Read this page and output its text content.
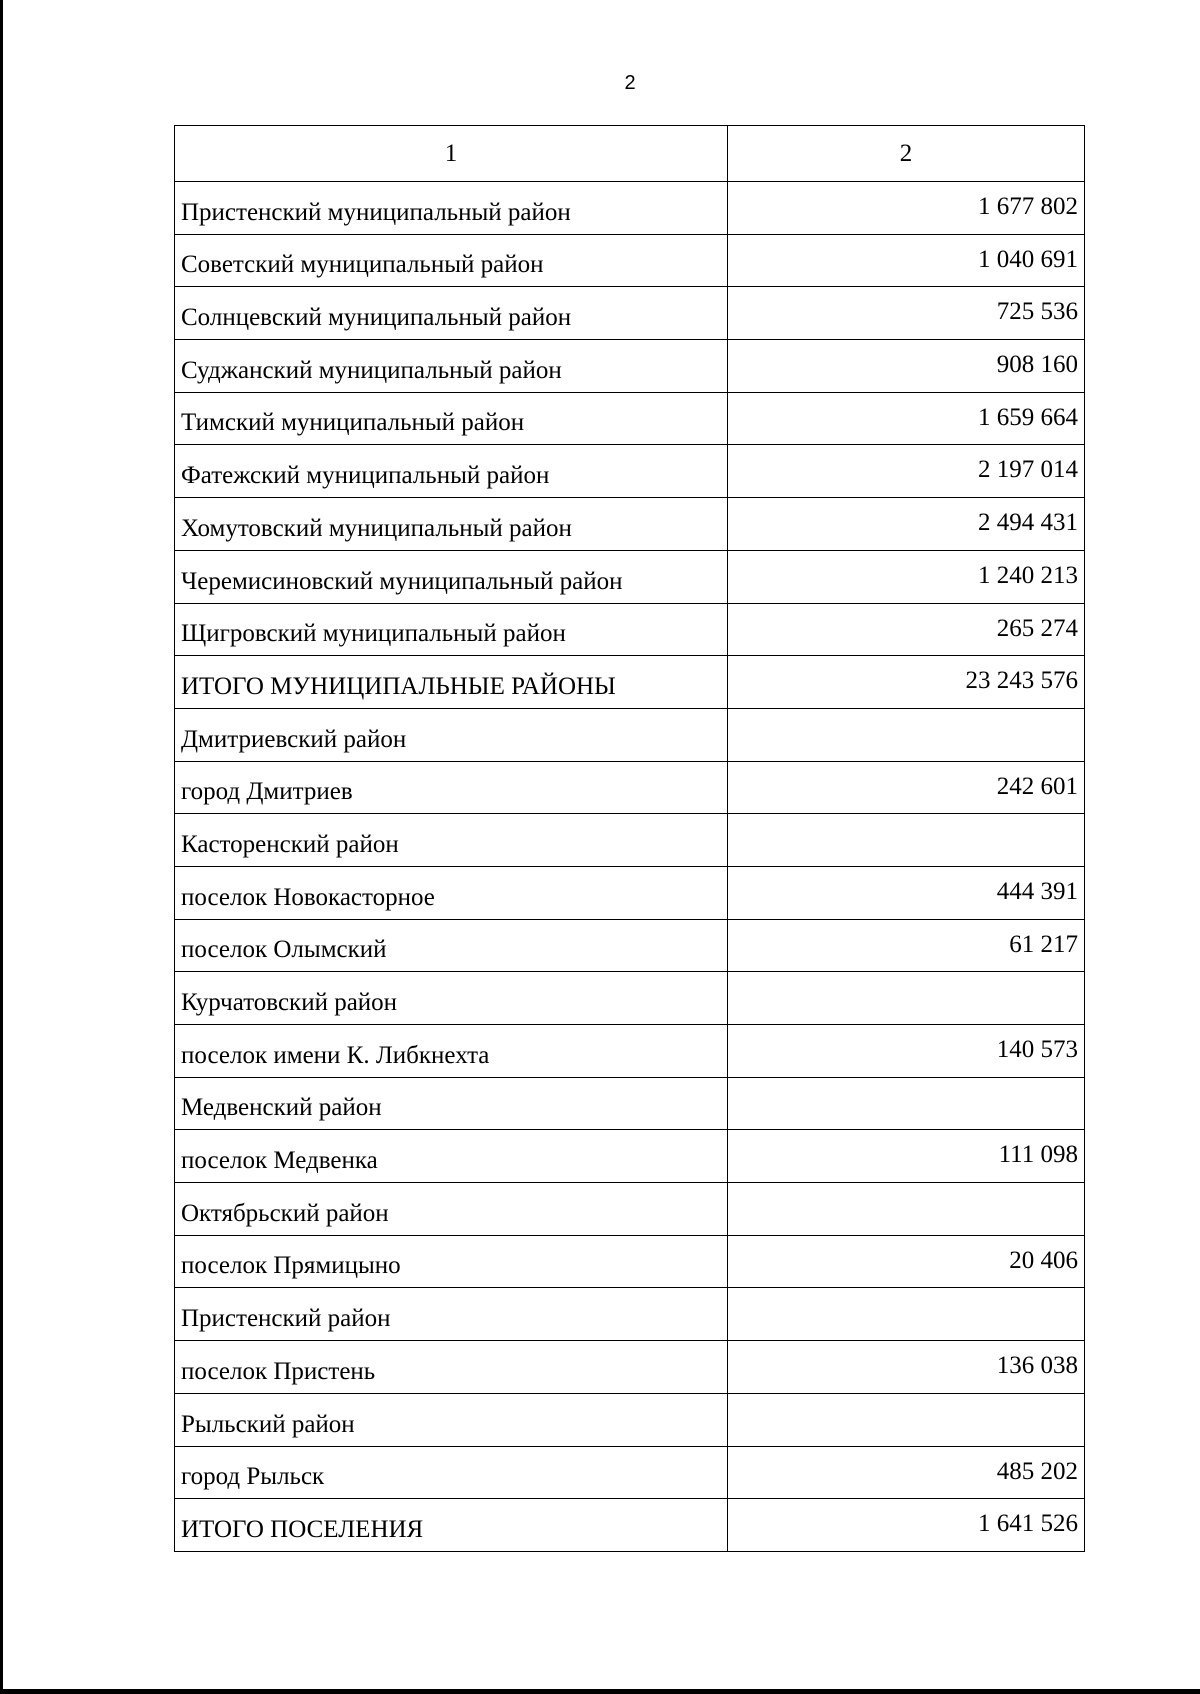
2
1	2
Пристенский муниципальный район	1 677 802
Советский муниципальный район	1 040 691
Солнцевский муниципальный район	725 536
Суджанский муниципальный район	908 160
Тимский муниципальный район	1 659 664
Фатежский муниципальный район	2 197 014
Хомутовский муниципальный район	2 494 431
Черемисиновский муниципальный район	1 240 213
Щигровский муниципальный район	265 274
ИТОГО МУНИЦИПАЛЬНЫЕ РАЙОНЫ	23 243 576
Дмитриевский район	
город Дмитриев	242 601
Касторенский район	
поселок Новокасторное	444 391
поселок Олымский	61 217
Курчатовский район	
поселок имени К. Либкнехта	140 573
Медвенский район	
поселок Медвенка	111 098
Октябрьский район	
поселок Прямицыно	20 406
Пристенский район	
поселок Пристень	136 038
Рыльский район	
город Рыльск	485 202
ИТОГО ПОСЕЛЕНИЯ	1 641 526
